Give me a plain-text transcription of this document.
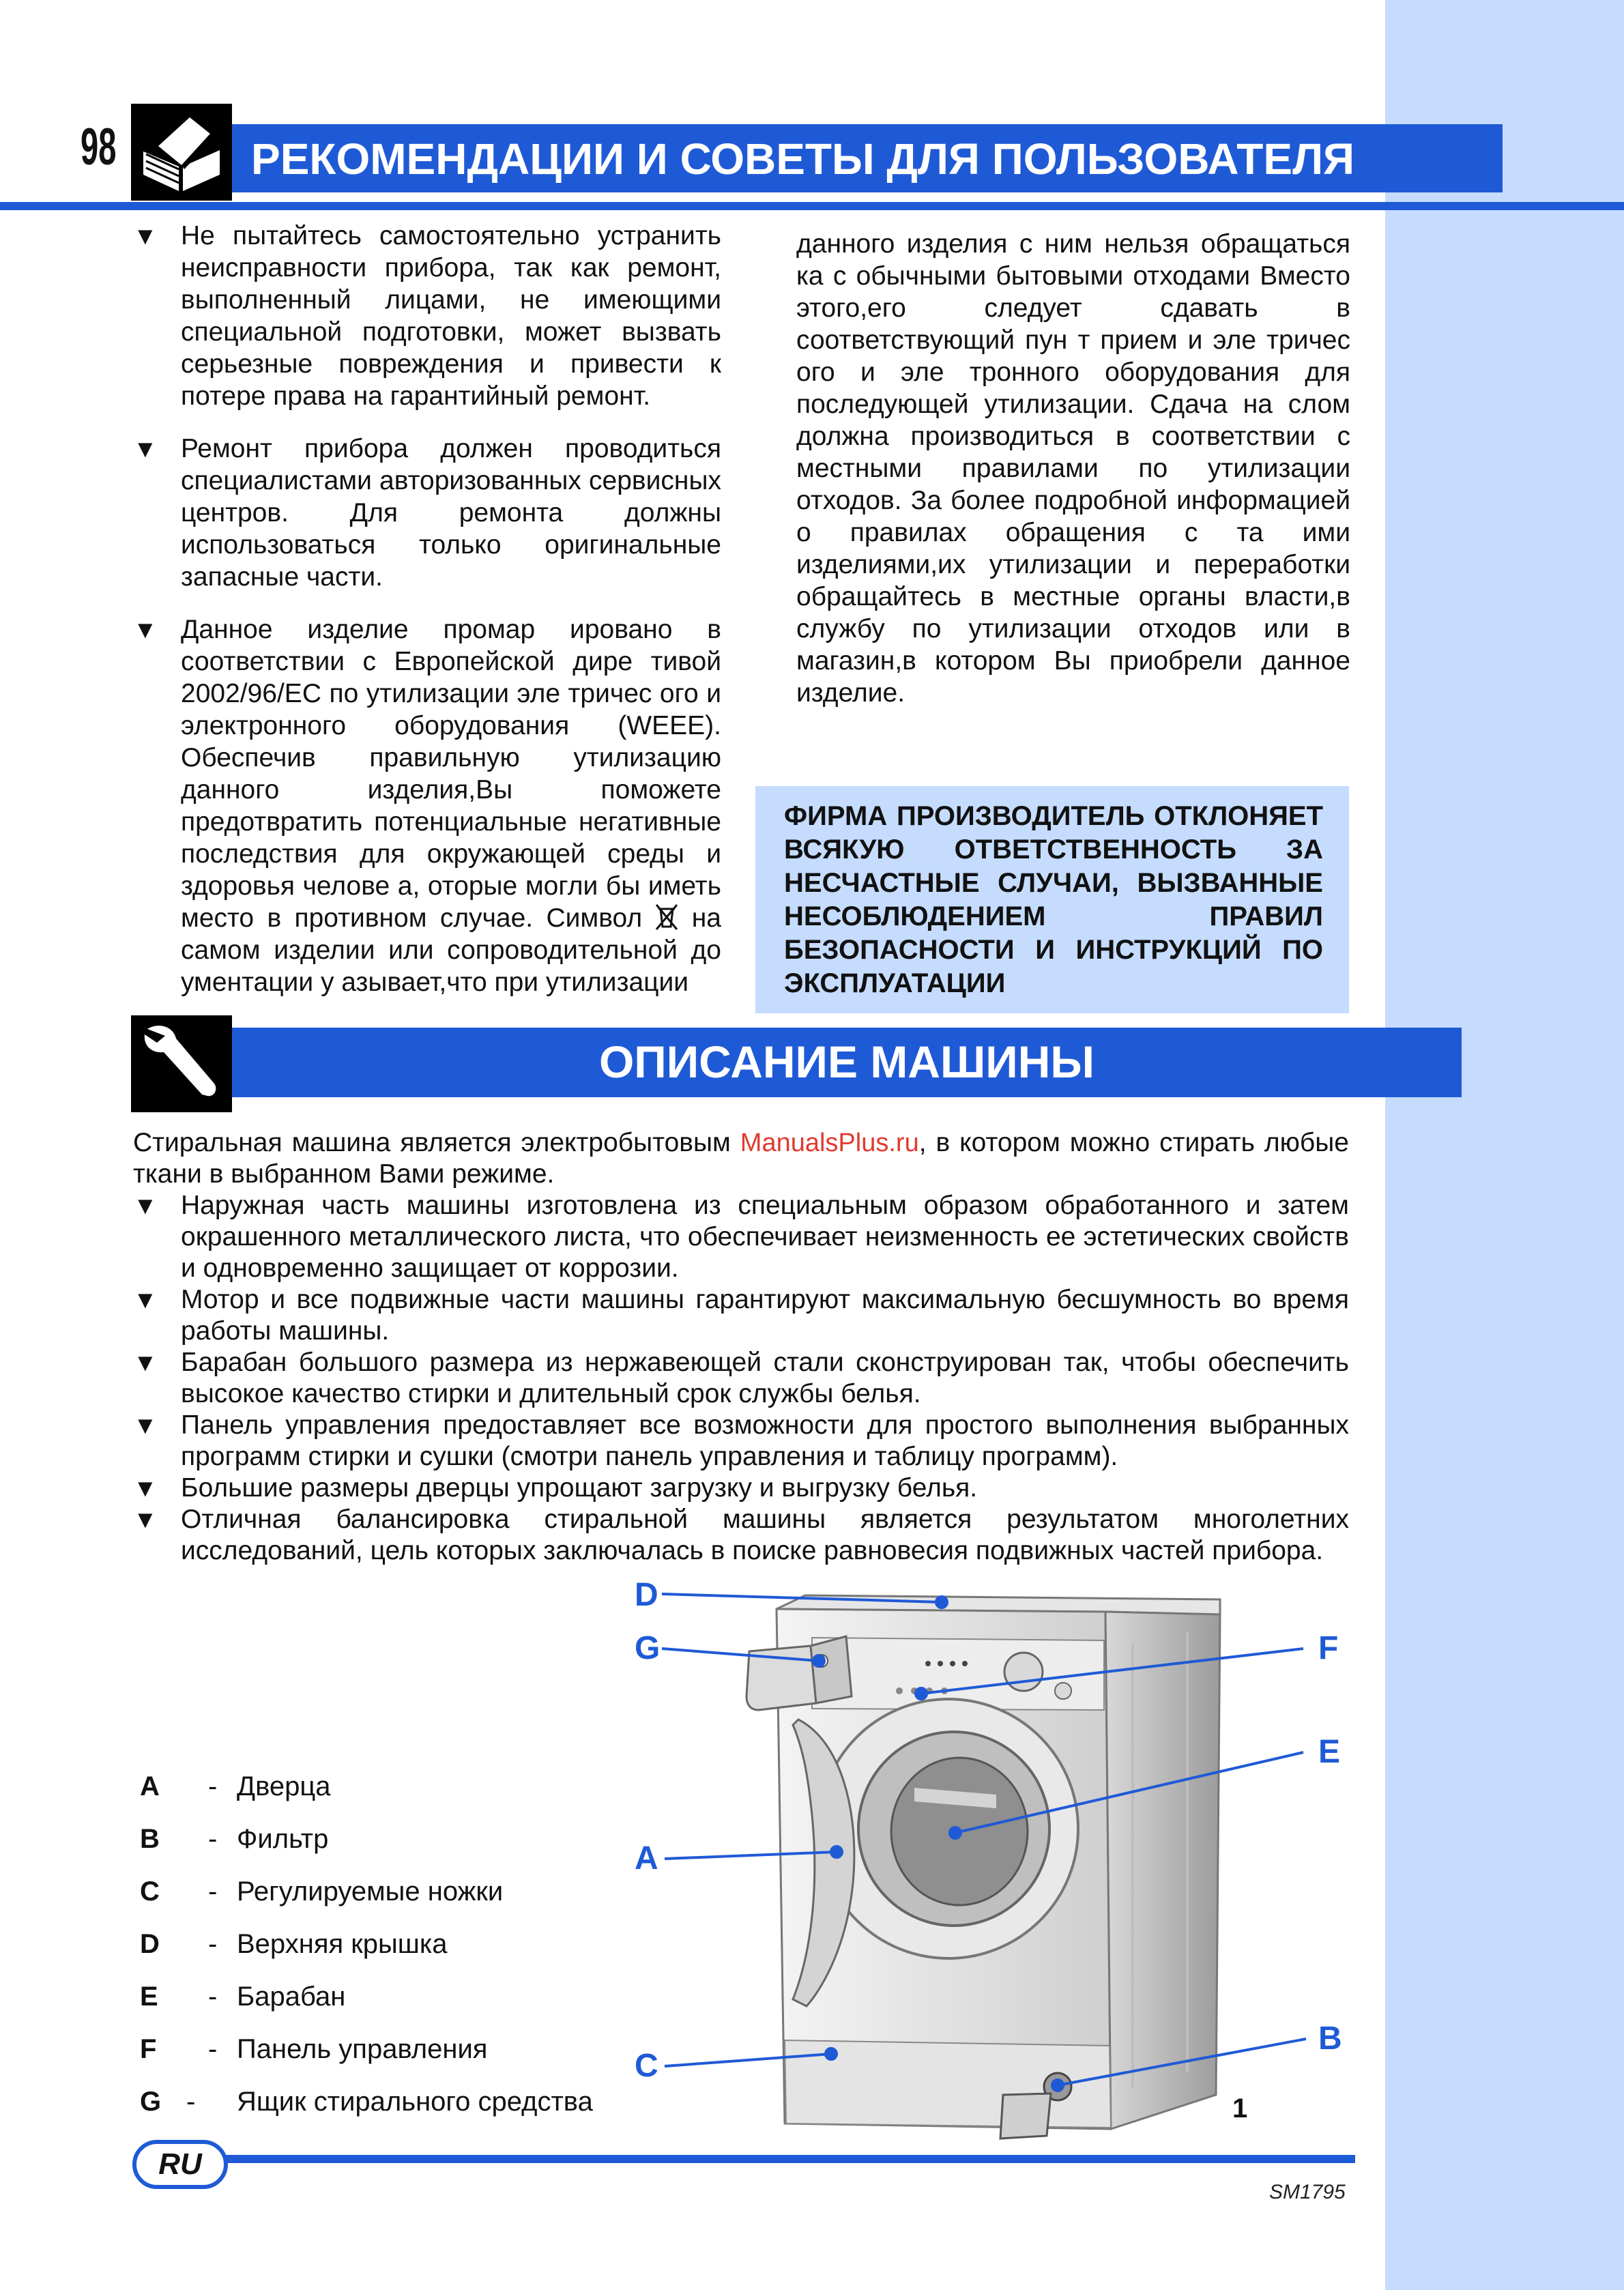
98	РЕКОМЕНДАЦИИ И СОВЕТЫ ДЛЯ ПОЛЬЗОВАТЕЛЯ
▼ Не пытайтесь самостоятельно устранить неисправности прибора, так как ремонт, выполненный лицами, не имеющими специальной подготовки, может вызвать серьезные повреждения и привести к потере права на гарантийный ремонт.
▼ Ремонт прибора должен проводиться специалистами авторизованных сервисных центров. Для ремонта должны использоваться только оригинальные запасные части.
▼ Данное изделие промар ировано в соответствии с Европейской дире тивой 2002/96/ЕС по утилизации эле тричес ого и электронного оборудования (WEEE). Обеспечив правильную утилизацию данного изделия,Вы поможете предотвратить потенциальные негативные последствия для окружающей среды и здоровья челове а, оторые могли бы иметь место в противном случае. Символ на самом изделии или сопроводительной до ументации у азывает,что при утилизации
данного изделия с ним нельзя обращаться ка с обычными бытовыми отходами Вместо этого,его следует сдавать в соответствующий пун т прием и эле тричес ого и эле тронного оборудования для последующей утилизации. Сдача на слом должна производиться в соответствии с местными правилами по утилизации отходов. За более подробной информацией о правилах обращения с та ими изделиями,их утилизации и переработки обращайтесь в местные органы власти,в службу по утилизации отходов или в магазин,в котором Вы приобрели данное изделие.
ФИРМА ПРОИЗВОДИТЕЛЬ ОТКЛОНЯЕТ ВСЯКУЮ ОТВЕТСТВЕННОСТЬ ЗА НЕСЧАСТНЫЕ СЛУЧАИ, ВЫЗВАННЫЕ НЕСОБЛЮДЕНИЕМ ПРАВИЛ БЕЗОПАСНОСТИ И ИНСТРУКЦИЙ ПО ЭКСПЛУАТАЦИИ
ОПИСАНИЕ МАШИНЫ
Стиральная машина является электробытовым ManualsPlus.ru, в котором можно стирать любые ткани в выбранном Вами режиме.
▼ Наружная часть машины изготовлена из специальным образом обработанного и затем окрашенного металлического листа, что обеспечивает неизменность ее эстетических свойств и одновременно защищает от коррозии.
▼ Мотор и все подвижные части машины гарантируют максимальную бесшумность во время работы машины.
▼ Барабан большого размера из нержавеющей стали сконструирован так, чтобы обеспечить высокое качество стирки и длительный срок службы белья.
▼ Панель управления предоставляет все возможности для простого выполнения выбранных программ стирки и сушки (смотри панель управления и таблицу программ).
▼ Большие размеры дверцы упрощают загрузку и выгрузку белья.
▼ Отличная балансировка стиральной машины является результатом многолетних исследований, цель которых заключалась в поиске равновесия подвижных частей прибора.
A - Дверца
B - Фильтр
C - Регулируемые ножки
D - Верхняя крышка
E - Барабан
F - Панель управления
G - Ящик стирального средства
D
G	F
E
A
C
B
1
RU
SM1795
